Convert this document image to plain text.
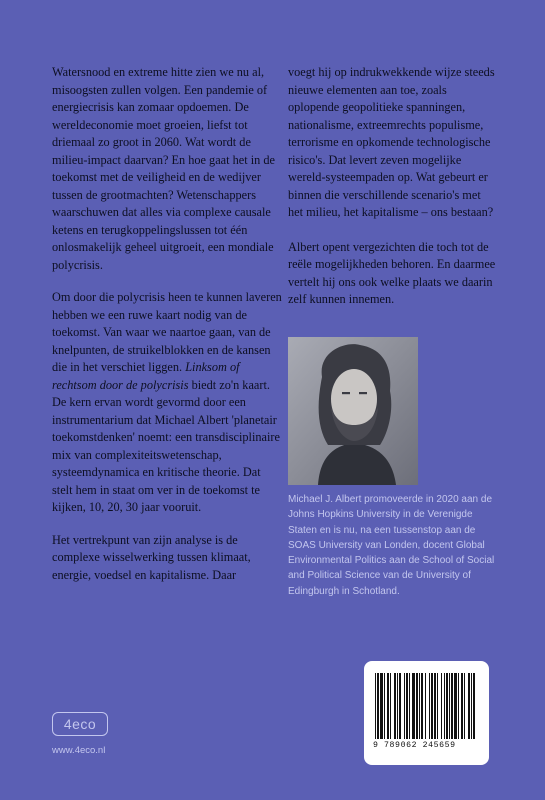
Watersnood en extreme hitte zien we nu al, misoogsten zullen volgen. Een pandemie of energiecrisis kan zomaar opdoemen. De wereldeconomie moet groeien, liefst tot driemaal zo groot in 2060. Wat wordt de milieu-impact daarvan? En hoe gaat het in de toekomst met de veiligheid en de wedijver tussen de grootmachten? Wetenschappers waarschuwen dat alles via complexe causale ketens en terugkoppelingslussen tot één onlosmakelijk geheel uitgroeit, een mondiale polycrisis.

Om door die polycrisis heen te kunnen laveren hebben we een ruwe kaart nodig van de toekomst. Van waar we naartoe gaan, van de knelpunten, de struikelblokken en de kansen die in het verschiet liggen. Linksom of rechtsom door de polycrisis biedt zo'n kaart. De kern ervan wordt gevormd door een instrumentarium dat Michael Albert 'planetair toekomstdenken' noemt: een transdisciplinaire mix van complexiteitswetenschap, systeemdynamica en kritische theorie. Dat stelt hem in staat om ver in de toekomst te kijken, 10, 20, 30 jaar vooruit.

Het vertrekpunt van zijn analyse is de complexe wisselwerking tussen klimaat, energie, voedsel en kapitalisme. Daar

voegt hij op indrukwekkende wijze steeds nieuwe elementen aan toe, zoals oplopende geopolitieke spanningen, nationalisme, extreemrechts populisme, terrorisme en opkomende technologische risico's. Dat levert zeven mogelijke wereld-systeempaden op. Wat gebeurt er binnen die verschillende scenario's met het milieu, het kapitalisme – ons bestaan?

Albert opent vergezichten die toch tot de reële mogelijkheden behoren. En daarmee vertelt hij ons ook welke plaats we daarin zelf kunnen innemen.

Michael J. Albert promoveerde in 2020 aan de Johns Hopkins University in de Verenigde Staten en is nu, na een tussenstop aan de SOAS University van Londen, docent Global Environmental Politics aan de School of Social and Political Science van de University of Edingburgh in Schotland.
4eco
www.4eco.nl	9 789062 245659
